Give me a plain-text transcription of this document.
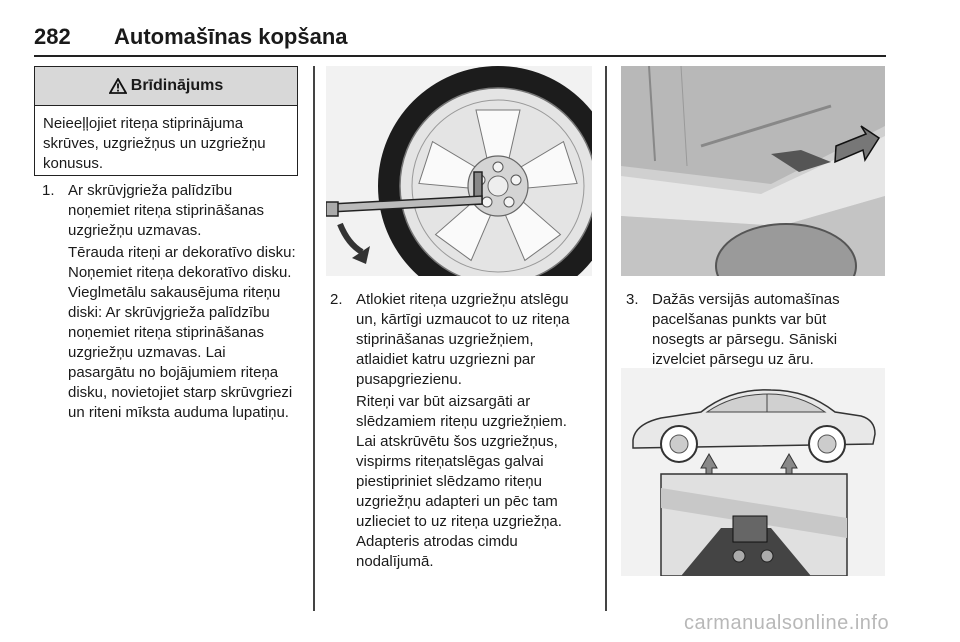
282 Automašīnas kopšana
Brīdinājums
Neieeļļojiet riteņa stiprinājuma
skrūves, uzgriežņus un uzgriežņu
konusus.
1. Ar skrūvjgrieža palīdzību
noņemiet riteņa stiprināšanas
uzgriežņu uzmavas.
Tērauda riteņi ar dekoratīvo disku:
Noņemiet riteņa dekoratīvo disku.
Vieglmetālu sakausējuma riteņu
diski: Ar skrūvjgrieža palīdzību
noņemiet riteņa stiprināšanas
uzgriežņu uzmavas. Lai
pasargātu no bojājumiem riteņa
disku, novietojiet starp skrūvgriezi
un riteni mīksta auduma lupatiņu.
2. Atlokiet riteņa uzgriežņu atslēgu
un, kārtīgi uzmaucot to uz riteņa
stiprināšanas uzgriežņiem,
atlaidiet katru uzgriezni par
pusapgriezienu.
Riteņi var būt aizsargāti ar
slēdzamiem riteņu uzgriežņiem.
Lai atskrūvētu šos uzgriežņus,
vispirms riteņatslēgas galvai
piestipriniet slēdzamo riteņu
uzgriežņu adapteri un pēc tam
uzlieciet to uz riteņa uzgriežņa.
Adapteris atrodas cimdu
nodalījumā.
3. Dažās versijās automašīnas
pacelšanas punkts var būt
nosegts ar pārsegu. Sāniski
izvelciet pārsegu uz āru.
carmanualsonline.info
